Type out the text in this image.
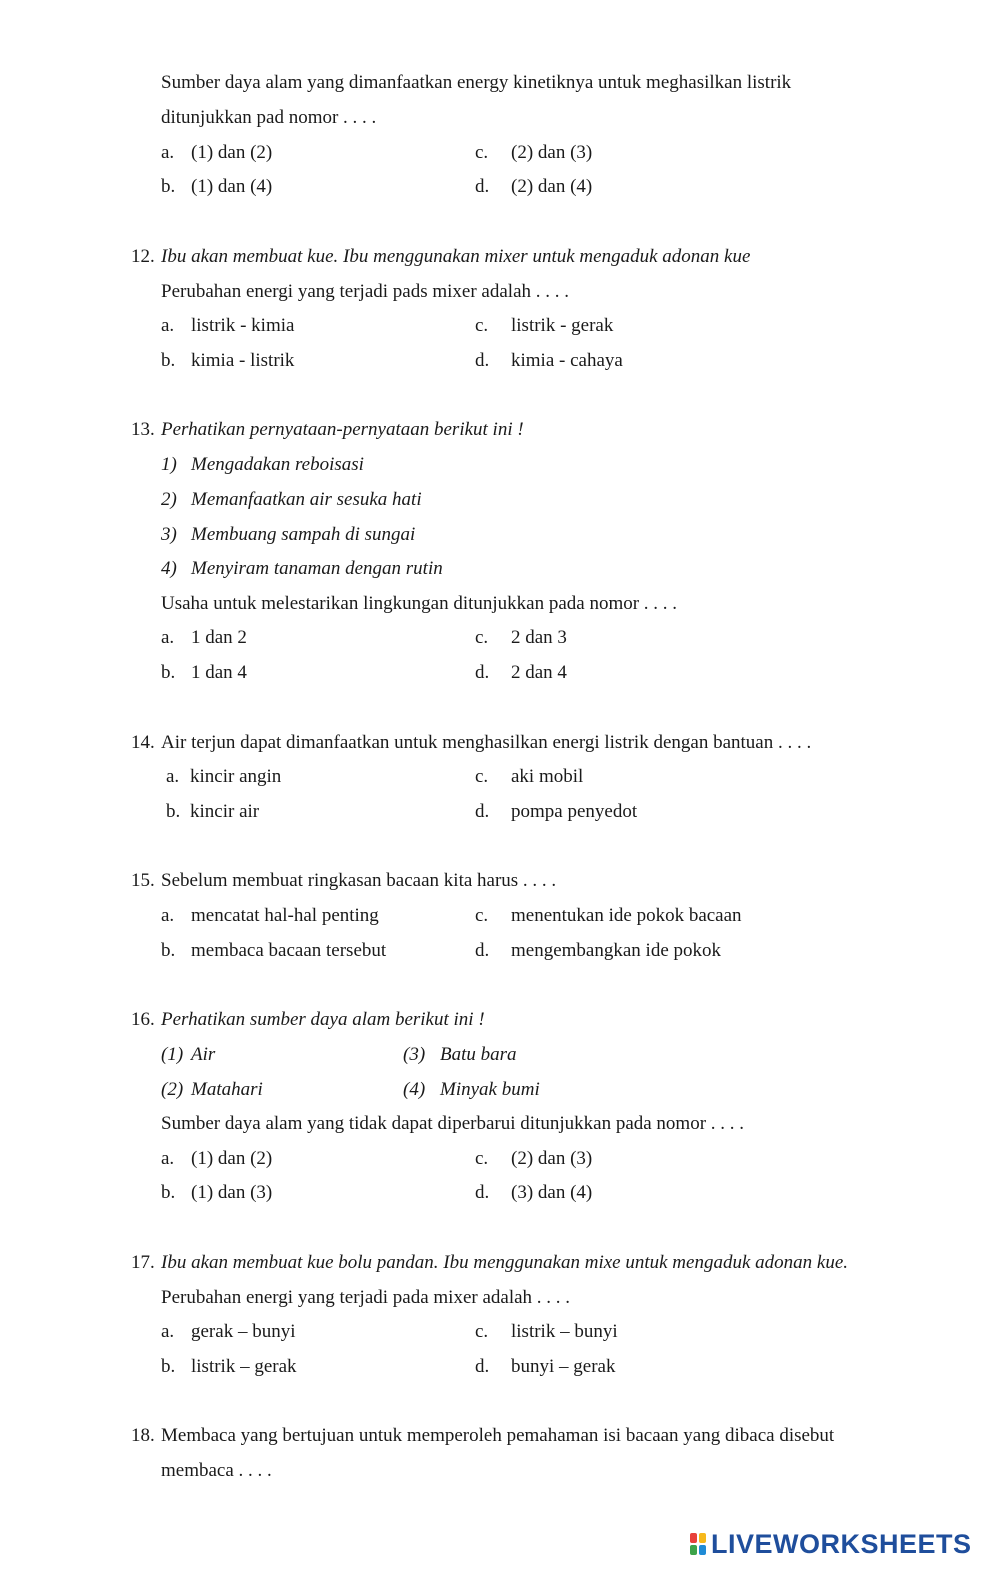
Sumber daya alam yang dimanfaatkan energy kinetiknya untuk meghasilkan listrik
ditunjukkan pad nomor . . . .
a. (1) dan (2)	c. (2) dan (3)
b. (1) dan (4)	d. (2) dan (4)
12. Ibu akan membuat kue. Ibu menggunakan mixer untuk mengaduk adonan kue
Perubahan energi yang terjadi pads mixer adalah . . . .
a. listrik - kimia	c. listrik - gerak
b. kimia - listrik	d. kimia - cahaya
13. Perhatikan pernyataan-pernyataan berikut ini !
1) Mengadakan reboisasi
2) Memanfaatkan air sesuka hati
3) Membuang sampah di sungai
4) Menyiram tanaman dengan rutin
Usaha untuk melestarikan lingkungan ditunjukkan pada nomor . . . .
a. 1 dan 2	c. 2 dan 3
b. 1 dan 4	d. 2 dan 4
14. Air terjun dapat dimanfaatkan untuk menghasilkan energi listrik dengan bantuan . . . .
a. kincir angin	c. aki mobil
b. kincir air	d. pompa penyedot
15. Sebelum membuat ringkasan bacaan kita harus . . . .
a. mencatat hal-hal penting	c. menentukan ide pokok bacaan
b. membaca bacaan tersebut	d. mengembangkan ide pokok
16. Perhatikan sumber daya alam berikut ini !
(1) Air	(3) Batu bara
(2) Matahari	(4) Minyak bumi
Sumber daya alam yang tidak dapat diperbarui ditunjukkan pada nomor . . . .
a. (1) dan (2)	c. (2) dan (3)
b. (1) dan (3)	d. (3) dan (4)
17. Ibu akan membuat kue bolu pandan. Ibu menggunakan mixe untuk mengaduk adonan kue.
Perubahan energi yang terjadi pada mixer adalah . . . .
a. gerak – bunyi	c. listrik – bunyi
b. listrik – gerak	d. bunyi – gerak
18. Membaca yang bertujuan untuk memperoleh pemahaman isi bacaan yang dibaca disebut
membaca . . . .
LIVEWORKSHEETS
